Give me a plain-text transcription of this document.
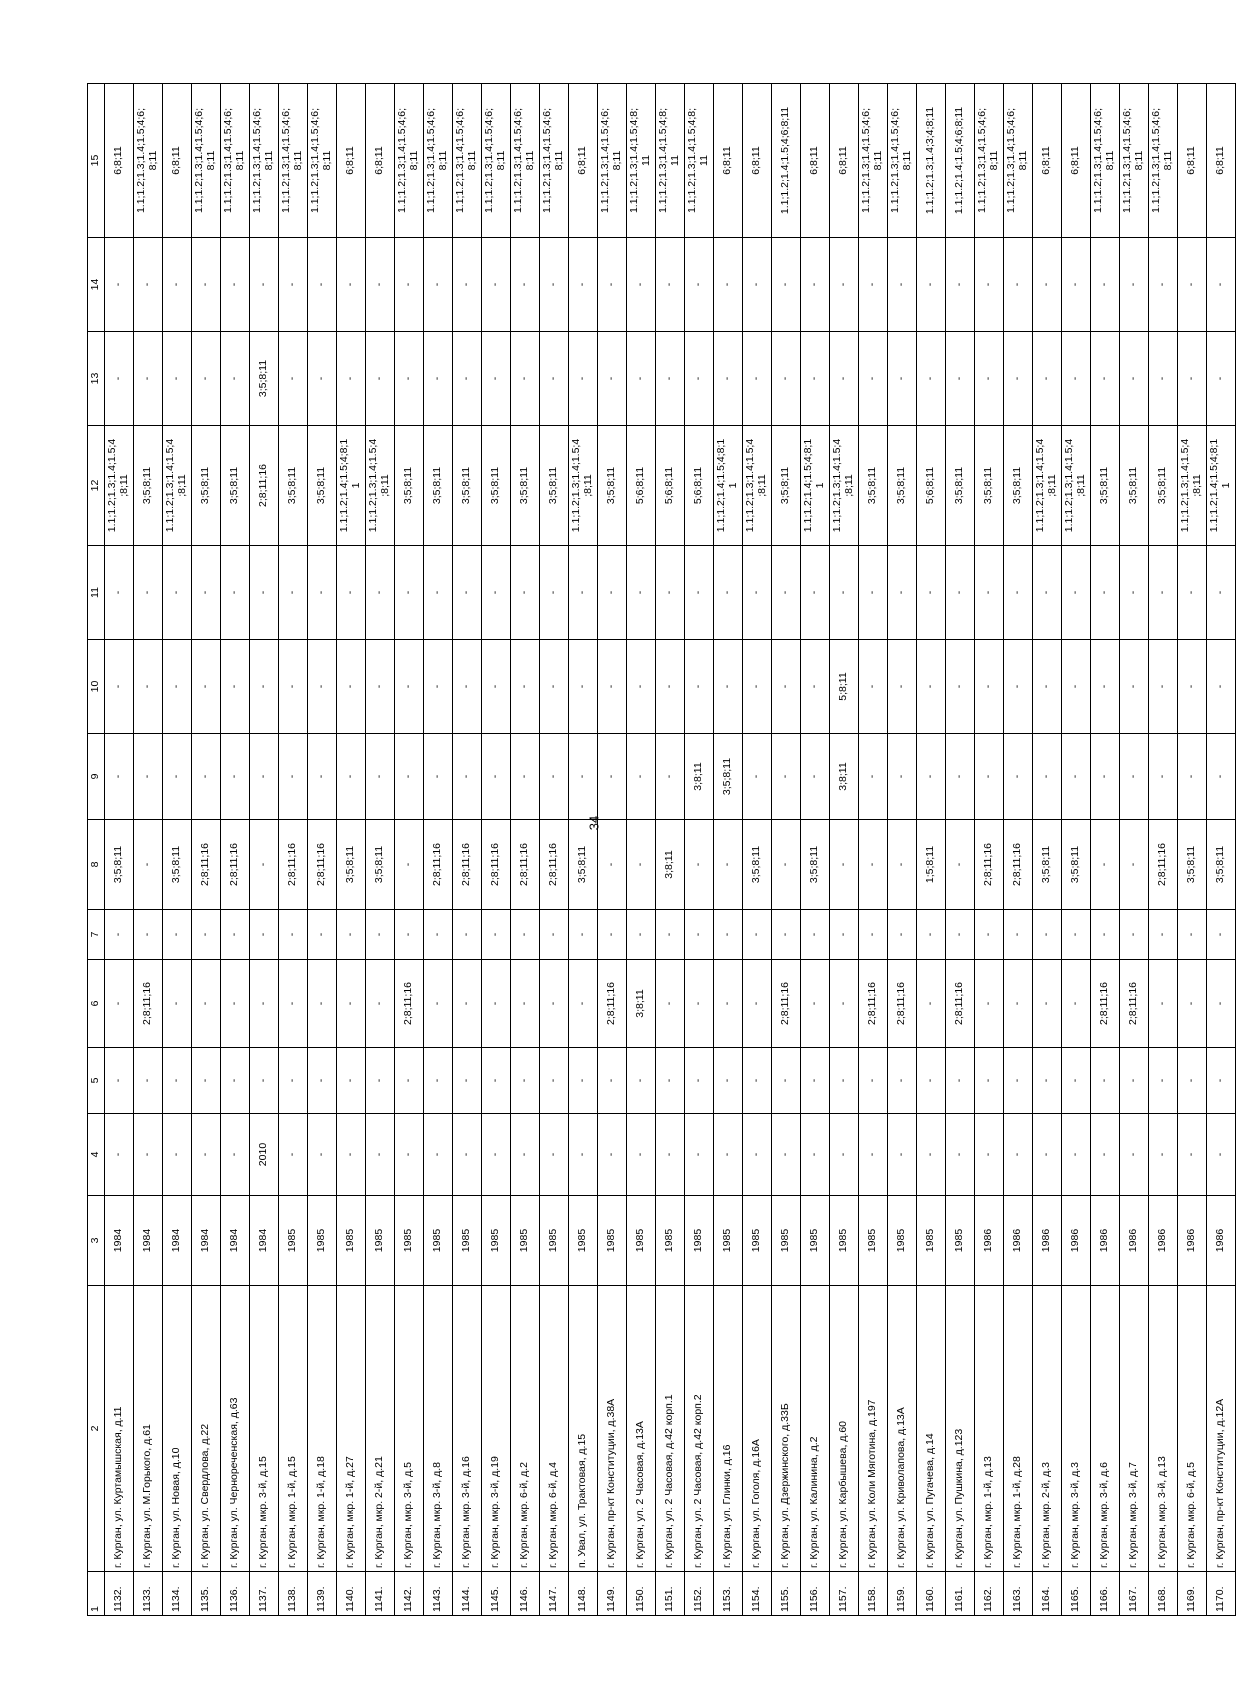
34
1	2	3	4	5	6	7	8	9	10	11	12	13	14	15
1132.	г. Курган, ул. Куртамышская, д.11	1984	-	-	-	-	3;5;8;11	-	-	-	1.1;1.2;1.3;1.4;1.5;4
;8;11	-	-	6;8;11
1133.	г. Курган, ул. М.Горького, д.61	1984	-	-	2;8;11;16	-	-	-	-	-	3;5;8;11	-	-	1.1;1.2;1.3;1.4;1.5;4;6;
8;11
1134.	г. Курган, ул. Новая, д.10	1984	-	-	-	-	3;5;8;11	-	-	-	1.1;1.2;1.3;1.4;1.5;4
;8;11	-	-	6;8;11
1135.	г. Курган, ул. Свердлова, д.22	1984	-	-	-	-	2;8;11;16	-	-	-	3;5;8;11	-	-	1.1;1.2;1.3;1.4;1.5;4;6;
8;11
1136.	г. Курган, ул. Чернореченская, д.63	1984	-	-	-	-	2;8;11;16	-	-	-	3;5;8;11	-	-	1.1;1.2;1.3;1.4;1.5;4;6;
8;11
1137.	г. Курган, мкр. 3-й, д.15	1984	2010	-	-	-	-	-	-	-	2;8;11;16	3;5;8;11	-	1.1;1.2;1.3;1.4;1.5;4;6;
8;11
1138.	г. Курган, мкр. 1-й, д.15	1985	-	-	-	-	2;8;11;16	-	-	-	3;5;8;11	-	-	1.1;1.2;1.3;1.4;1.5;4;6;
8;11
1139.	г. Курган, мкр. 1-й, д.18	1985	-	-	-	-	2;8;11;16	-	-	-	3;5;8;11	-	-	1.1;1.2;1.3;1.4;1.5;4;6;
8;11
1140.	г. Курган, мкр. 1-й, д.27	1985	-	-	-	-	3;5;8;11	-	-	-	1.1;1.2;1.4;1.5;4;8;1
1	-	-	6;8;11
1141.	г. Курган, мкр. 2-й, д.21	1985	-	-	-	-	3;5;8;11	-	-	-	1.1;1.2;1.3;1.4;1.5;4
;8;11	-	-	6;8;11
1142.	г. Курган, мкр. 3-й, д.5	1985	-	-	2;8;11;16	-	-	-	-	-	3;5;8;11	-	-	1.1;1.2;1.3;1.4;1.5;4;6;
8;11
1143.	г. Курган, мкр. 3-й, д.8	1985	-	-	-	-	2;8;11;16	-	-	-	3;5;8;11	-	-	1.1;1.2;1.3;1.4;1.5;4;6;
8;11
1144.	г. Курган, мкр. 3-й, д.16	1985	-	-	-	-	2;8;11;16	-	-	-	3;5;8;11	-	-	1.1;1.2;1.3;1.4;1.5;4;6;
8;11
1145.	г. Курган, мкр. 3-й, д.19	1985	-	-	-	-	2;8;11;16	-	-	-	3;5;8;11	-	-	1.1;1.2;1.3;1.4;1.5;4;6;
8;11
1146.	г. Курган, мкр. 6-й, д.2	1985	-	-	-	-	2;8;11;16	-	-	-	3;5;8;11	-	-	1.1;1.2;1.3;1.4;1.5;4;6;
8;11
1147.	г. Курган, мкр. 6-й, д.4	1985	-	-	-	-	2;8;11;16	-	-	-	3;5;8;11	-	-	1.1;1.2;1.3;1.4;1.5;4;6;
8;11
1148.	п. Увал, ул. Трактовая, д.15	1985	-	-	-	-	3;5;8;11	-	-	-	1.1;1.2;1.3;1.4;1.5;4
;8;11	-	-	6;8;11
1149.	г. Курган, пр-кт Конституции, д.38А	1985	-	-	2;8;11;16	-	-	-	-	-	3;5;8;11	-	-	1.1;1.2;1.3;1.4;1.5;4;6;
8;11
1150.	г. Курган, ул. 2 Часовая, д.13А	1985	-	-	3;8;11	-	-	-	-	-	5;6;8;11	-	-	1.1;1.2;1.3;1.4;1.5;4;8;
11
1151.	г. Курган, ул. 2 Часовая, д.42 корп.1	1985	-	-	-	-	3;8;11	-	-	-	5;6;8;11	-	-	1.1;1.2;1.3;1.4;1.5;4;8;
11
1152.	г. Курган, ул. 2 Часовая, д.42 корп.2	1985	-	-	-	-	-	3;8;11	-	-	5;6;8;11	-	-	1.1;1.2;1.3;1.4;1.5;4;8;
11
1153.	г. Курган, ул. Глинки, д.16	1985	-	-	-	-	-	3;5;8;11	-	-	1.1;1.2;1.4;1.5;4;8;1
1	-	-	6;8;11
1154.	г. Курган, ул. Гоголя, д.16А	1985	-	-	-	-	3;5;8;11	-	-	-	1.1;1.2;1.3;1.4;1.5;4
;8;11	-	-	6;8;11
1155.	г. Курган, ул. Дзержинского, д.33Б	1985	-	-	2;8;11;16	-	-	-	-	-	3;5;8;11	-	-	1.1;1.2;1.4;1.5;4;6;8;11
1156.	г. Курган, ул. Калинина, д.2	1985	-	-	-	-	3;5;8;11	-	-	-	1.1;1.2;1.4;1.5;4;8;1
1	-	-	6;8;11
1157.	г. Курган, ул. Карбышева, д.60	1985	-	-	-	-	-	3;8;11	5;8;11	-	1.1;1.2;1.3;1.4;1.5;4
;8;11	-	-	6;8;11
1158.	г. Курган, ул. Коли Мяготина, д.197	1985	-	-	2;8;11;16	-	-	-	-	-	3;5;8;11	-	-	1.1;1.2;1.3;1.4;1.5;4;6;
8;11
1159.	г. Курган, ул. Криволапова, д.13А	1985	-	-	2;8;11;16	-	-	-	-	-	3;5;8;11	-	-	1.1;1.2;1.3;1.4;1.5;4;6;
8;11
1160.	г. Курган, ул. Пугачева, д.14	1985	-	-	-	-	1;5;8;11	-	-	-	5;6;8;11	-	-	1.1;1.2;1.3;1.4;3;4;8;11
1161.	г. Курган, ул. Пушкина, д.123	1985	-	-	2;8;11;16	-	-	-	-	-	3;5;8;11	-	-	1.1;1.2;1.4;1.5;4;6;8;11
1162.	г. Курган, мкр. 1-й, д.13	1986	-	-	-	-	2;8;11;16	-	-	-	3;5;8;11	-	-	1.1;1.2;1.3;1.4;1.5;4;6;
8;11
1163.	г. Курган, мкр. 1-й, д.28	1986	-	-	-	-	2;8;11;16	-	-	-	3;5;8;11	-	-	1.1;1.2;1.3;1.4;1.5;4;6;
8;11
1164.	г. Курган, мкр. 2-й, д.3	1986	-	-	-	-	3;5;8;11	-	-	-	1.1;1.2;1.3;1.4;1.5;4
;8;11	-	-	6;8;11
1165.	г. Курган, мкр. 3-й, д.3	1986	-	-	-	-	3;5;8;11	-	-	-	1.1;1.2;1.3;1.4;1.5;4
;8;11	-	-	6;8;11
1166.	г. Курган, мкр. 3-й, д.6	1986	-	-	2;8;11;16	-	-	-	-	-	3;5;8;11	-	-	1.1;1.2;1.3;1.4;1.5;4;6;
8;11
1167.	г. Курган, мкр. 3-й, д.7	1986	-	-	2;8;11;16	-	-	-	-	-	3;5;8;11	-	-	1.1;1.2;1.3;1.4;1.5;4;6;
8;11
1168.	г. Курган, мкр. 3-й, д.13	1986	-	-	-	-	2;8;11;16	-	-	-	3;5;8;11	-	-	1.1;1.2;1.3;1.4;1.5;4;6;
8;11
1169.	г. Курган, мкр. 6-й, д.5	1986	-	-	-	-	3;5;8;11	-	-	-	1.1;1.2;1.3;1.4;1.5;4
;8;11	-	-	6;8;11
1170.	г. Курган, пр-кт Конституции, д.12А	1986	-	-	-	-	3;5;8;11	-	-	-	1.1;1.2;1.4;1.5;4;8;1
1	-	-	6;8;11
